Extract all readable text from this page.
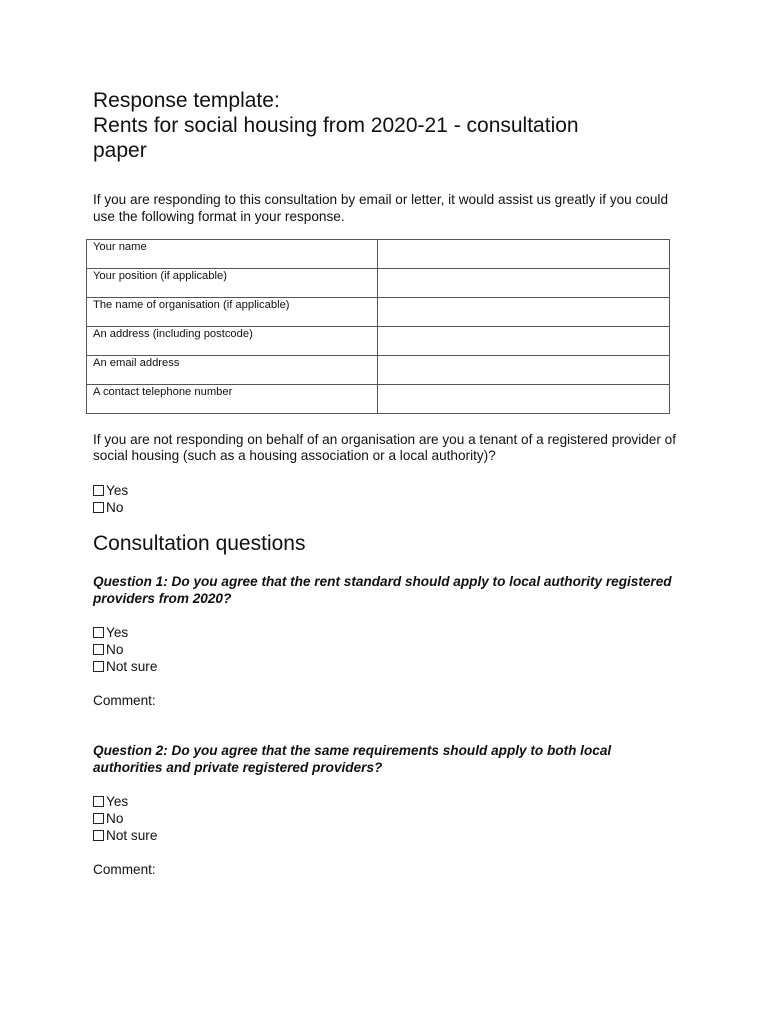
Response template:
Rents for social housing from 2020-21 - consultation
paper

If you are responding to this consultation by email or letter, it would assist us greatly if you could use the following format in your response.

Your name	
Your position (if applicable)	
The name of organisation (if applicable)	
An address (including postcode)	
An email address	
A contact telephone number	

If you are not responding on behalf of an organisation are you a tenant of a registered provider of social housing (such as a housing association or a local authority)?

Yes
No
Consultation questions

Question 1: Do you agree that the rent standard should apply to local authority registered providers from 2020?

Yes
No
Not sure
Comment:

Question 2: Do you agree that the same requirements should apply to both local authorities and private registered providers?

Yes
No
Not sure
Comment:
